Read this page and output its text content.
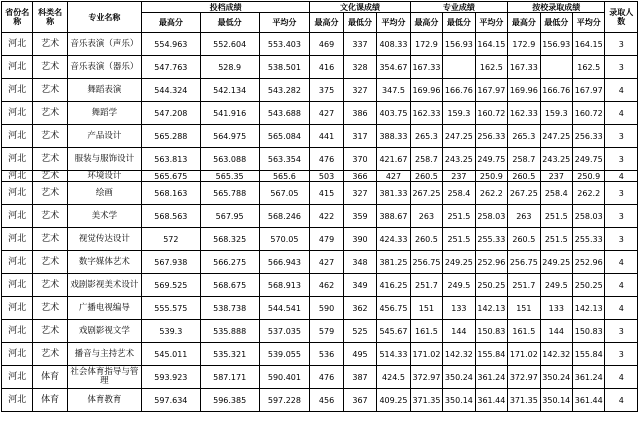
省份名称	科类名称	专业名称	投档成绩			文化课成绩			专业成绩			按校录取成绩			录取人数
			最高分	最低分	平均分	最高分	最低分	平均分	最高分	最低分	平均分	最高分	最低分	平均分	
河北	艺术	音乐表演（声乐）	554.963	552.604	553.403	469	337	408.33	172.9	156.93	164.15	172.9	156.93	164.15	3
河北	艺术	音乐表演（器乐）	547.763	528.9	538.501	416	328	354.67	167.33		162.5	167.33		162.5	3
河北	艺术	舞蹈表演	544.324	542.134	543.282	375	327	347.5	169.96	166.76	167.97	169.96	166.76	167.97	4
河北	艺术	舞蹈学	547.208	541.916	543.688	427	386	403.75	162.33	159.3	160.72	162.33	159.3	160.72	4
河北	艺术	产品设计	565.288	564.975	565.084	441	317	388.33	265.3	247.25	256.33	265.3	247.25	256.33	3
河北	艺术	服装与服饰设计	563.813	563.088	563.354	476	370	421.67	258.7	243.25	249.75	258.7	243.25	249.75	3
河北	艺术	环境设计	565.675	565.35	565.6	503	366	427	260.5	237	250.9	260.5	237	250.9	4
河北	艺术	绘画	568.163	565.788	567.05	415	327	381.33	267.25	258.4	262.2	267.25	258.4	262.2	3
河北	艺术	美术学	568.563	567.95	568.246	422	359	388.67	263	251.5	258.03	263	251.5	258.03	3
河北	艺术	视觉传达设计	572	568.325	570.05	479	390	424.33	260.5	251.5	255.33	260.5	251.5	255.33	3
河北	艺术	数字媒体艺术	567.938	566.275	566.943	427	348	381.25	256.75	249.25	252.96	256.75	249.25	252.96	4
河北	艺术	戏剧影视美术设计	569.525	568.675	568.913	462	349	416.25	251.7	249.5	250.25	251.7	249.5	250.25	4
河北	艺术	广播电视编导	555.575	538.738	544.541	590	362	456.75	151	133	142.13	151	133	142.13	4
河北	艺术	戏剧影视文学	539.3	535.888	537.035	579	525	545.67	161.5	144	150.83	161.5	144	150.83	3
河北	艺术	播音与主持艺术	545.011	535.321	539.055	536	495	514.33	171.02	142.32	155.84	171.02	142.32	155.84	3
河北	体育	社会体育指导与管理	593.923	587.171	590.401	476	387	424.5	372.97	350.24	361.24	372.97	350.24	361.24	4
河北	体育	体育教育	597.634	596.385	597.228	456	367	409.25	371.35	350.14	361.44	371.35	350.14	361.44	4
